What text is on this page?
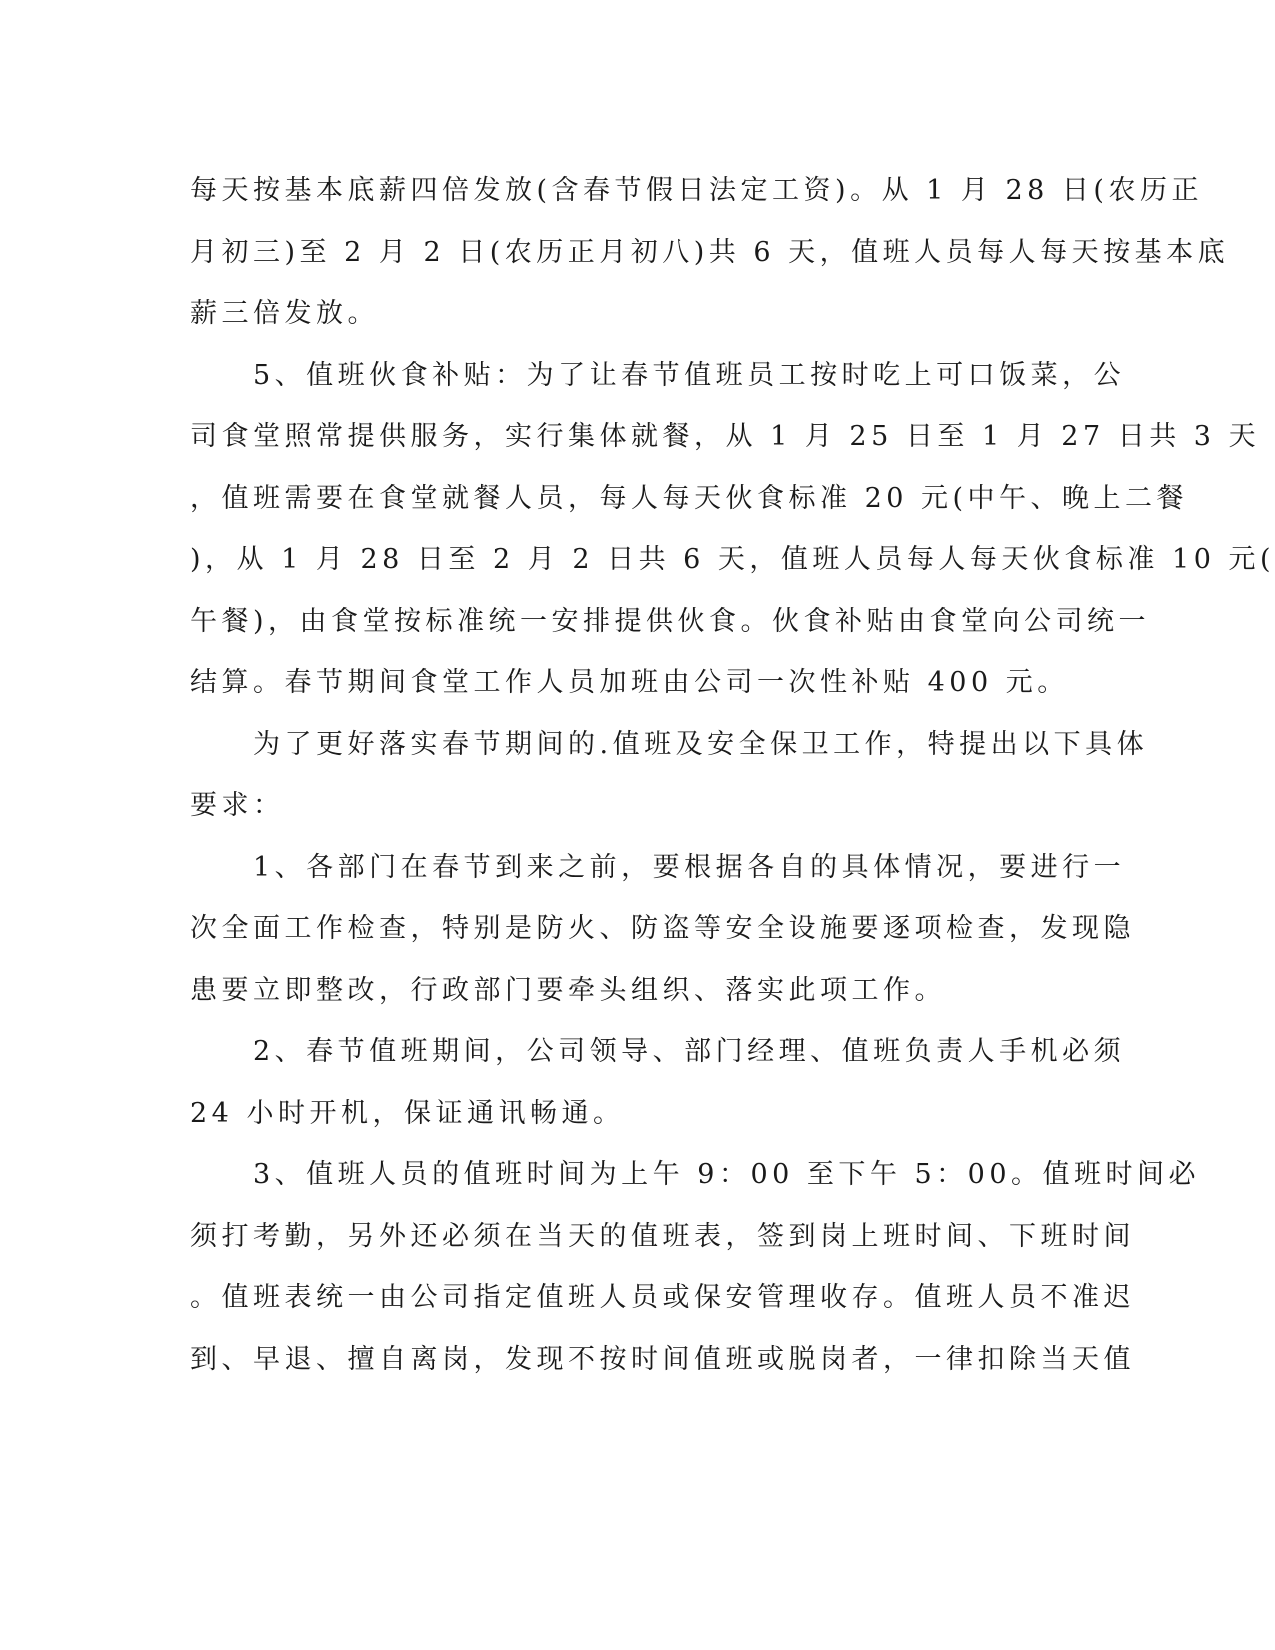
每天按基本底薪四倍发放(含春节假日法定工资)。从 1 月 28 日(农历正
月初三)至 2 月 2 日(农历正月初八)共 6 天，值班人员每人每天按基本底
薪三倍发放。
　　5、值班伙食补贴：为了让春节值班员工按时吃上可口饭菜，公
司食堂照常提供服务，实行集体就餐，从 1 月 25 日至 1 月 27 日共 3 天
，值班需要在食堂就餐人员，每人每天伙食标准 20 元(中午、晚上二餐
)，从 1 月 28 日至 2 月 2 日共 6 天，值班人员每人每天伙食标准 10 元(
午餐)，由食堂按标准统一安排提供伙食。伙食补贴由食堂向公司统一
结算。春节期间食堂工作人员加班由公司一次性补贴 400 元。
　　为了更好落实春节期间的.值班及安全保卫工作，特提出以下具体
要求：
　　1、各部门在春节到来之前，要根据各自的具体情况，要进行一
次全面工作检查，特别是防火、防盗等安全设施要逐项检查，发现隐
患要立即整改，行政部门要牵头组织、落实此项工作。
　　2、春节值班期间，公司领导、部门经理、值班负责人手机必须
24 小时开机，保证通讯畅通。
　　3、值班人员的值班时间为上午 9：00 至下午 5：00。值班时间必
须打考勤，另外还必须在当天的值班表，签到岗上班时间、下班时间
。值班表统一由公司指定值班人员或保安管理收存。值班人员不准迟
到、早退、擅自离岗，发现不按时间值班或脱岗者，一律扣除当天值
